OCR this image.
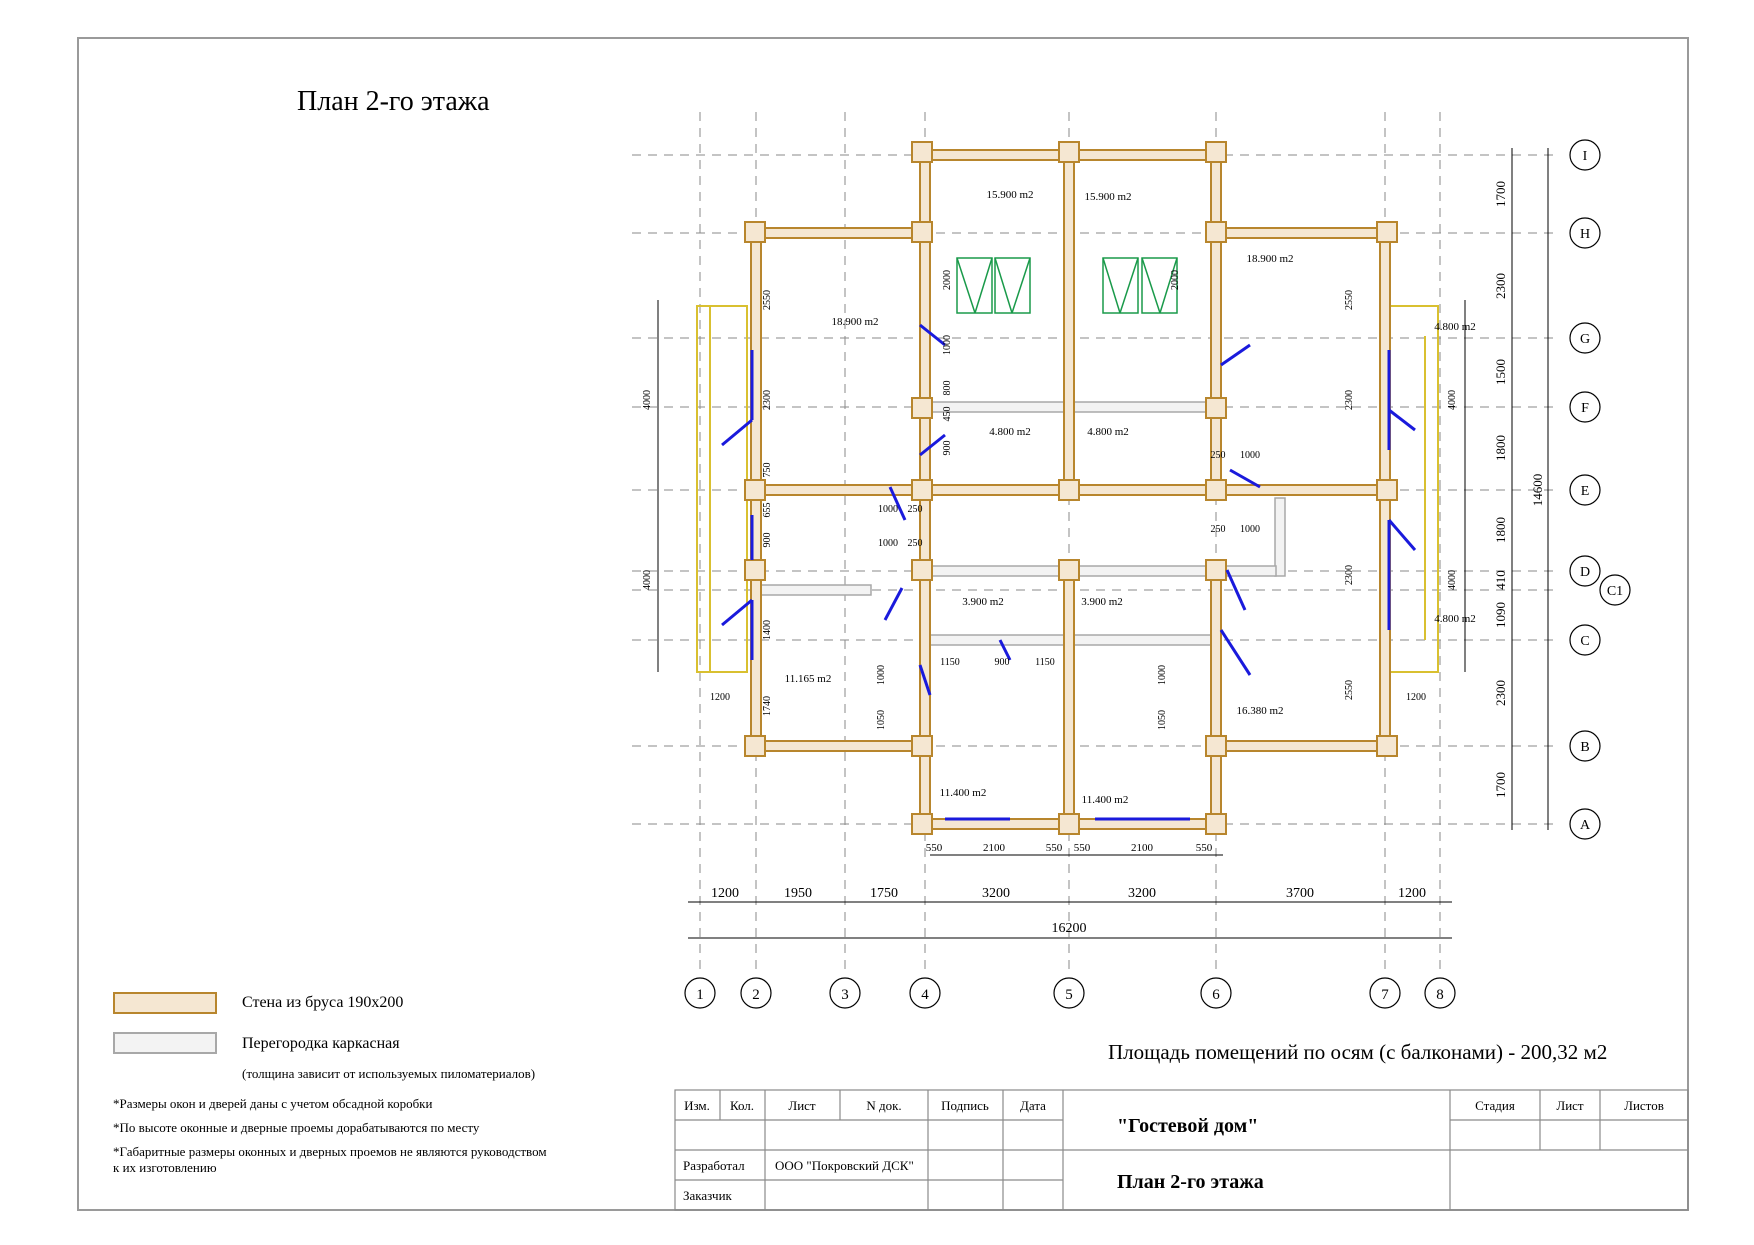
1	2	3	4	5	6	7	8
I
H
G
F
E
D
C1
C
B
A
1200	1950	1750	3200	3200	3700	1200
16200
1700
2300
1500
1800
1800
410
1090
2300
1700
14600
550	2100	550 550	2100	550
15.900 m2	15.900 m2
18.900 m2
18.900 m2
4.800 m2	4.800 m2
4.800 m2
4.800 m2
3.900 m2	3.900 m2
11.165 m2
16.380 m2
11.400 m2
11.400 m2
2550
2300
750
655
900
1400
1740
4000
4000
1200	1200
2000	2000
1000
800
450
900
1000 250
1000 250
1150	900	1150
1000
1050
1000
250
1000
250
1000
1050
2550
2300
2300
2550
4000
4000
Изм. Кол.	Лист	N док.	Подпись Дата
Разработал ООО "Покровский ДСК"
Заказчик
"Гостевой дом"
План 2-го этажа
Стадия	Лист	Листов
План 2-го этажа
Площадь помещений по осям (с балконами) - 200,32 м2
Стена из бруса 190х200
Перегородка каркасная
(толщина зависит от используемых пиломатериалов)
*Размеры окон и дверей даны с учетом обсадной коробки
*По высоте оконные и дверные проемы дорабатываются по месту
*Габаритные размеры оконных и дверных проемов не являются руководством
к их изготовлению
